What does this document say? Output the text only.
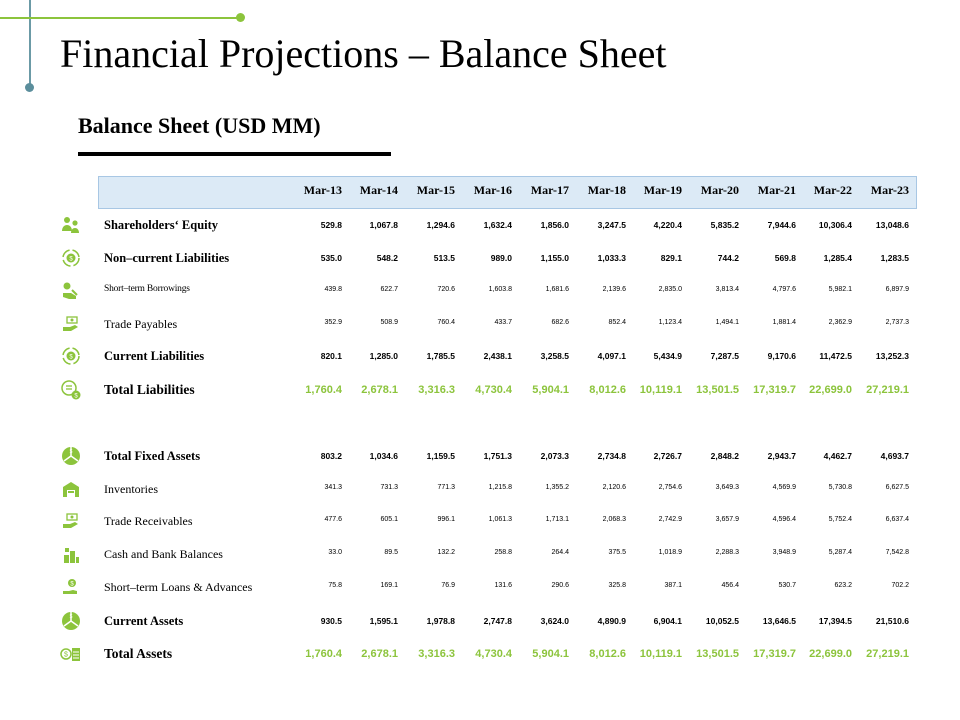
Financial Projections – Balance Sheet
Balance Sheet (USD MM)
Mar-13	Mar-14	Mar-15	Mar-16	Mar-17	Mar-18	Mar-19	Mar-20	Mar-21	Mar-22	Mar-23
Shareholders‘ Equity	529.8	1,067.8	1,294.6	1,632.4	1,856.0	3,247.5	4,220.4	5,835.2	7,944.6	10,306.4	13,048.6
$	Non–current Liabilities	535.0	548.2	513.5	989.0	1,155.0	1,033.3	829.1	744.2	569.8	1,285.4	1,283.5
Short–term Borrowings	439.8	622.7	720.6	1,603.8	1,681.6	2,139.6	2,835.0	3,813.4	4,797.6	5,982.1	6,897.9
Trade Payables	352.9	508.9	760.4	433.7	682.6	852.4	1,123.4	1,494.1	1,881.4	2,362.9	2,737.3
$	Current Liabilities	820.1	1,285.0	1,785.5	2,438.1	3,258.5	4,097.1	5,434.9	7,287.5	9,170.6	11,472.5	13,252.3
$ Total Liabilities	1,760.4	2,678.1	3,316.3	4,730.4	5,904.1	8,012.6	10,119.1	13,501.5	17,319.7	22,699.0	27,219.1
$	Total Fixed Assets	803.2	1,034.6	1,159.5	1,751.3	2,073.3	2,734.8	2,726.7	2,848.2	2,943.7	4,462.7	4,693.7
Inventories	341.3	731.3	771.3	1,215.8	1,355.2	2,120.6	2,754.6	3,649.3	4,569.9	5,730.8	6,627.5
Trade Receivables	477.6	605.1	996.1	1,061.3	1,713.1	2,068.3	2,742.9	3,657.9	4,596.4	5,752.4	6,637.4
Cash and Bank Balances	33.0	89.5	132.2	258.8	264.4	375.5	1,018.9	2,288.3	3,948.9	5,287.4	7,542.8
$	Short–term Loans & Advances	75.8	169.1	76.9	131.6	290.6	325.8	387.1	456.4	530.7	623.2	702.2
$	Current Assets	930.5	1,595.1	1,978.8	2,747.8	3,624.0	4,890.9	6,904.1	10,052.5	13,646.5	17,394.5	21,510.6
$	Total Assets	1,760.4	2,678.1	3,316.3	4,730.4	5,904.1	8,012.6	10,119.1	13,501.5	17,319.7	22,699.0	27,219.1
